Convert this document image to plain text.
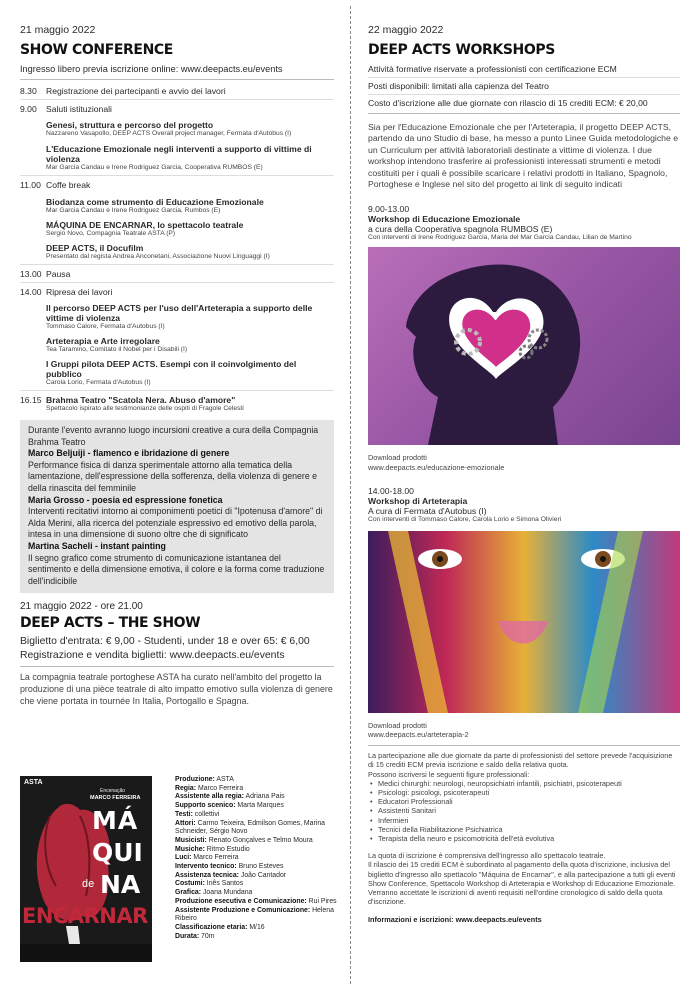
21 maggio 2022
SHOW CONFERENCE
Ingresso libero previa iscrizione online: www.deepacts.eu/events
8.30	Registrazione dei partecipanti e avvio dei lavori
9.00	Saluti istituzionali
Genesi, struttura e percorso del progetto
Nazzareno Vasapollo, DEEP ACTS Overall project manager, Fermata d'Autobus (I)
L'Educazione Emozionale negli interventi a supporto di vittime di violenza
Mar Garcia Candau e Irene Rodriguez Garcia, Cooperativa RUMBOS (E)
11.00 Coffe break
Biodanza come strumento di Educazione Emozionale
Mar Garcia Candau e Irene Rodriguez Garcia, Rumbos (E)
MÁQUINA DE ENCARNAR, lo spettacolo teatrale
Sergio Novo, Compagnia Teatrale ASTA (P)
DEEP ACTS, il Docufilm
Presentato dal regista Andrea Anconetani, Associazione Nuovi Linguaggi (I)
13.00 Pausa
14.00 Ripresa dei lavori
Il percorso DEEP ACTS per l'uso dell'Arteterapia a supporto delle vittime di violenza
Tommaso Calore, Fermata d'Autobus (I)
Arteterapia e Arte irregolare
Tea Taramino, Comitato il Nobel per i Disabili (I)
I Gruppi pilota DEEP ACTS. Esempi con il coinvolgimento del pubblico
Carola Lorio, Fermata d'Autobus (I)
16.15 Brahma Teatro "Scatola Nera. Abuso d'amore"
Spettacolo ispirato alle testimonianze delle ospiti di Fragole Celesti
Durante l'evento avranno luogo incursioni creative a cura della Compagnia Brahma Teatro
Marco Beljuiji - flamenco e ibridazione di genere
Performance fisica di danza sperimentale attorno alla tematica della lamentazione, dell'espressione della sofferenza, della violenza di genere e della rinascita del femminile
Maria Grosso - poesia ed espressione fonetica
Interventi recitativi intorno ai componimenti poetici di "Ipotenusa d'amore" di Alda Merini, alla ricerca del potenziale espressivo ed emotivo della parola, intesa in una dimensione di suono oltre che di significato
Martina Sacheli - instant painting
Il segno grafico come strumento di comunicazione istantanea del sentimento e della dimensione emotiva, il colore e la forma come traduzione dell'indicibile
21 maggio 2022 - ore 21.00
DEEP ACTS – THE SHOW
Biglietto d'entrata: € 9,00 - Studenti, under 18 e over 65: € 6,00
Registrazione e vendita biglietti: www.deepacts.eu/events
La compagnia teatrale portoghese ASTA ha curato nell'ambito del progetto la produzione di una pièce teatrale di alto impatto emotivo sulla violenza di genere che viene portata in tournée In Italia, Portogallo e Spagna.
ASTA
Encenação
MARCO FERREIRA
MÁ
QUI
de NA
ENCARNAR
Produzione: ASTA
Regia: Marco Ferreira
Assistente alla regia: Adriana Pais
Supporto scenico: Marta Marques
Testi: collettivi
Attori: Carmo Teixeira, Edmilson Gomes, Marina Schneider, Sérgio Novo
Musicisti: Renato Gonçalves e Telmo Moura
Musiche: Ritmo Estudio
Luci: Marco Ferreira
Intervento tecnico: Bruno Esteves
Assistenza tecnica: João Cantador
Costumi: Inês Santos
Grafica: Joana Mundana
Produzione esecutiva e Comunicazione: Rui Pires
Assistente Produzione e Comunicazione: Helena Ribeiro
Classificazione etaria: M/16
Durata: 70m
22 maggio 2022
DEEP ACTS WORKSHOPS
Attività formative riservate a professionisti con certificazione ECM
Posti disponibili: limitati alla capienza del Teatro
Costo d'iscrizione alle due giornate con rilascio di 15 crediti ECM: € 20,00
Sia per l'Educazione Emozionale che per l'Arteterapia, il progetto DEEP ACTS, partendo da uno Studio di base, ha messo a punto Linee Guida metodologiche e un Curriculum per attività laboratoriali destinate a vittime di violenza. I due workshop intendono trasferire ai professionisti interessati strumenti e metodi costituiti per i quali è possibile scaricare i relativi prodotti in Italiano, Spagnolo, Portoghese e Inglese nel sito del progetto ai link di seguito indicati
9.00-13.00
Workshop di Educazione Emozionale
a cura della Cooperativa spagnola RUMBOS (E)
Con interventi di Irene Rodriguez Garcia, Maria del Mar Garcia Candau, Lilian de Martino
Download prodotti
www.deepacts.eu/educazione-emozionale
14.00-18.00
Workshop di Arteterapia
A cura di Fermata d'Autobus (I)
Con interventi di Tommaso Calore, Carola Lorio e Simona Olivieri
Download prodotti
www.deepacts.eu/arteterapia-2
La partecipazione alle due giornate da parte di professionisti del settore prevede l'acquisizione di 15 crediti ECM previa iscrizione e saldo della relativa quota.
Possono iscriversi le seguenti figure professionali:
• Medici chirurghi: neurologi, neuropsichiatri infantili, psichiatri, psicoterapeuti
• Psicologi: psicologi, psicoterapeuti
• Educatori Professionali
• Assistenti Sanitari
• Infermieri
• Tecnici della Riabilitazione Psichiatrica
• Terapista della neuro e psicomotricità dell'età evolutiva
La quota di iscrizione è comprensiva dell'ingresso allo spettacolo teatrale.
Il rilascio dei 15 crediti ECM è subordinato al pagamento della quota d'iscrizione, inclusiva del biglietto d'ingresso allo spettacolo "Máquina de Encarnar", e alla partecipazione a tutti gli eventi Show Conference, Spettacolo Workshop di Arteterapia e Workshop di Educazione Emozionale.
Verranno accettate le iscrizioni di aventi requisiti nell'ordine cronologico di saldo della quota d'iscrizione.
Informazioni e iscrizioni: www.deepacts.eu/events
